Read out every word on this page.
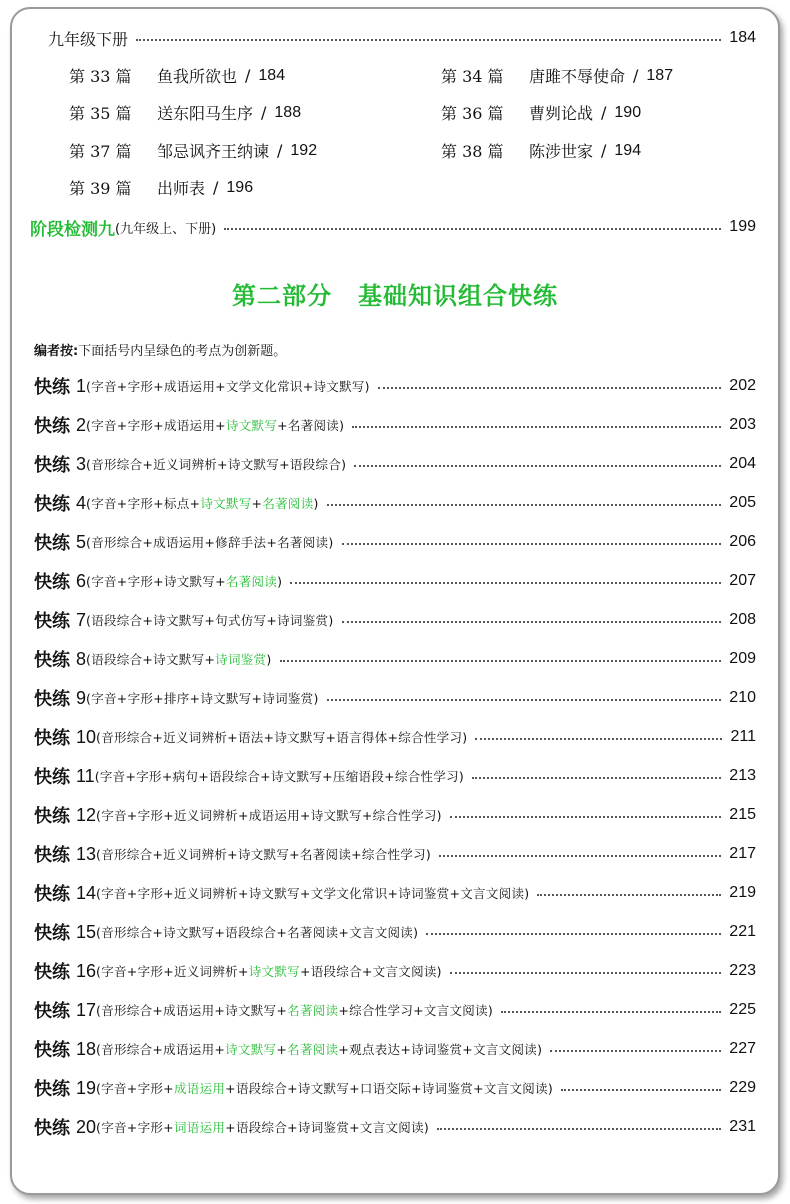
九年级下册	184
第 33 篇	鱼我所欲也 / 184	第 34 篇	唐雎不辱使命 / 187
第 35 篇	送东阳马生序 / 188	第 36 篇	曹刿论战 / 190
第 37 篇	邹忌讽齐王纳谏 / 192	第 38 篇	陈涉世家 / 194
第 39 篇	出师表 / 196
阶段检测九 (九年级上、下册)	199
第二部分 基础知识组合快练
编者按:下面括号内呈绿色的考点为创新题。
快练 1 (字音+字形+成语运用+文学文化常识+诗文默写)	202
快练 2 (字音+字形+成语运用+诗文默写+名著阅读)	203
快练 3 (音形综合+近义词辨析+诗文默写+语段综合)	204
快练 4 (字音+字形+标点+诗文默写+名著阅读)	205
快练 5 (音形综合+成语运用+修辞手法+名著阅读)	206
快练 6 (字音+字形+诗文默写+名著阅读)	207
快练 7 (语段综合+诗文默写+句式仿写+诗词鉴赏)	208
快练 8 (语段综合+诗文默写+诗词鉴赏)	209
快练 9 (字音+字形+排序+诗文默写+诗词鉴赏)	210
快练 10 (音形综合+近义词辨析+语法+诗文默写+语言得体+综合性学习)	211
快练 11 (字音+字形+病句+语段综合+诗文默写+压缩语段+综合性学习)	213
快练 12 (字音+字形+近义词辨析+成语运用+诗文默写+综合性学习)	215
快练 13 (音形综合+近义词辨析+诗文默写+名著阅读+综合性学习)	217
快练 14 (字音+字形+近义词辨析+诗文默写+文学文化常识+诗词鉴赏+文言文阅读)	219
快练 15 (音形综合+诗文默写+语段综合+名著阅读+文言文阅读)	221
快练 16 (字音+字形+近义词辨析+诗文默写+语段综合+文言文阅读)	223
快练 17 (音形综合+成语运用+诗文默写+名著阅读+综合性学习+文言文阅读)	225
快练 18 (音形综合+成语运用+诗文默写+名著阅读+观点表达+诗词鉴赏+文言文阅读)	227
快练 19 (字音+字形+成语运用+语段综合+诗文默写+口语交际+诗词鉴赏+文言文阅读)	229
快练 20 (字音+字形+词语运用+语段综合+诗词鉴赏+文言文阅读)	231
